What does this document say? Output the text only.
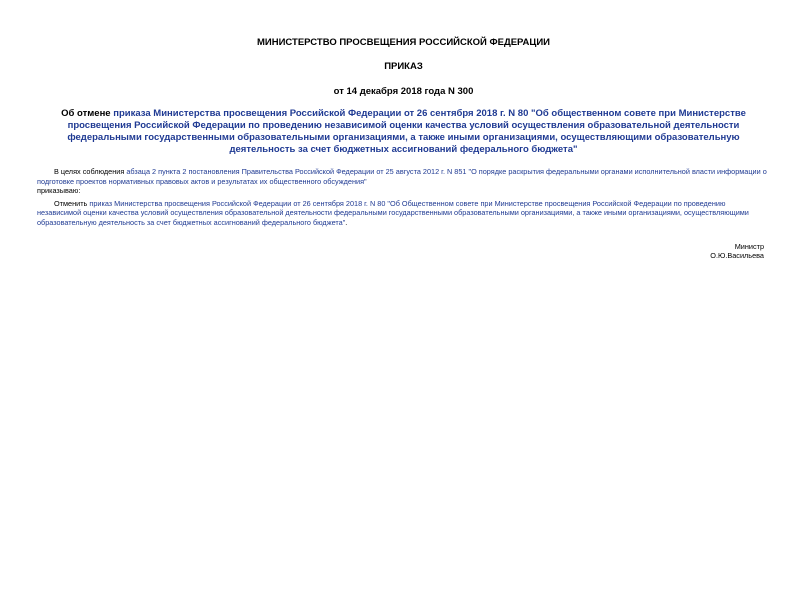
МИНИСТЕРСТВО ПРОСВЕЩЕНИЯ РОССИЙСКОЙ ФЕДЕРАЦИИ
ПРИКАЗ
от 14 декабря 2018 года N 300
Об отмене приказа Министерства просвещения Российской Федерации от 26 сентября 2018 г. N 80 "Об общественном совете при Министерстве просвещения Российской Федерации по проведению независимой оценки качества условий осуществления образовательной деятельности федеральными государственными образовательными организациями, а также иными организациями, осуществляющими образовательную деятельность за счет бюджетных ассигнований федерального бюджета"

В целях соблюдения абзаца 2 пункта 2 постановления Правительства Российской Федерации от 25 августа 2012 г. N 851 "О порядке раскрытия федеральными органами исполнительной власти информации о подготовке проектов нормативных правовых актов и результатах их общественного обсуждения"

приказываю:

Отменить приказ Министерства просвещения Российской Федерации от 26 сентября 2018 г. N 80 "Об Общественном совете при Министерстве просвещения Российской Федерации по проведению независимой оценки качества условий осуществления образовательной деятельности федеральными государственными образовательными организациями, а также иными организациями, осуществляющими образовательную деятельность за счет бюджетных ассигнований федерального бюджета".

Министр
О.Ю.Васильева
